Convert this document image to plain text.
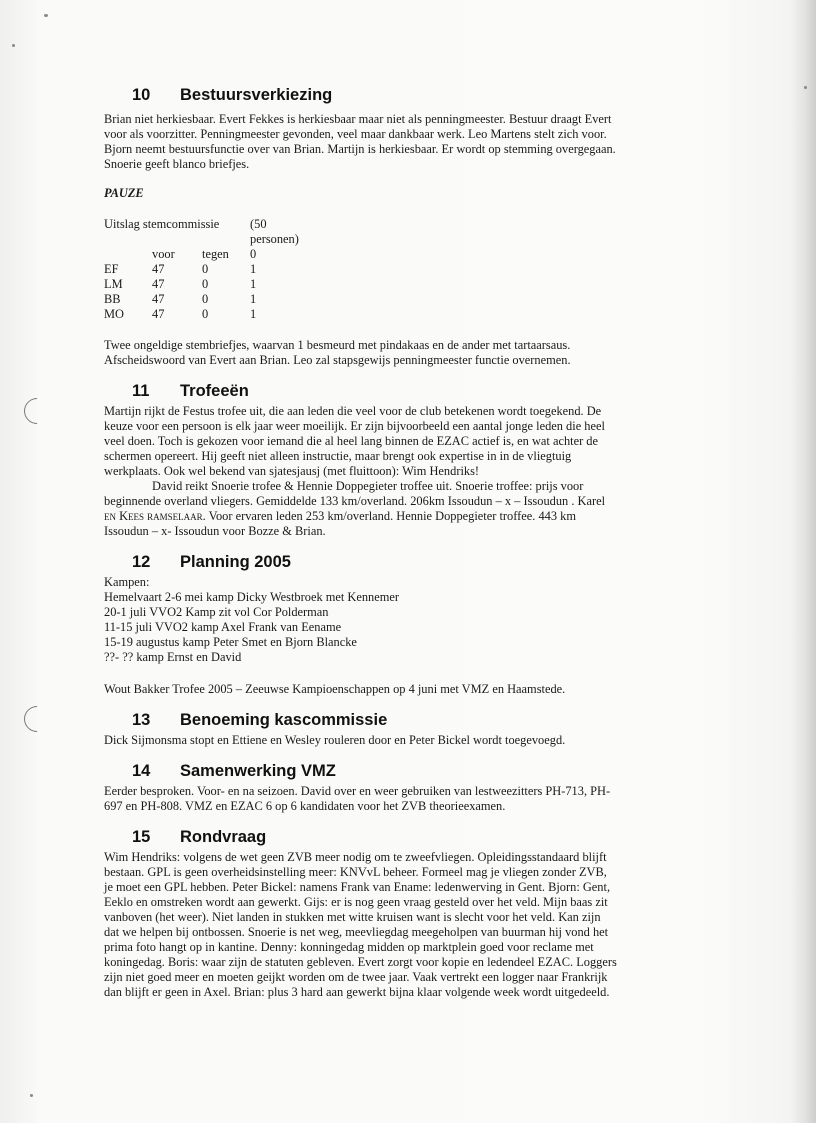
10 Bestuursverkiezing

Brian niet herkiesbaar. Evert Fekkes is herkiesbaar maar niet als penningmeester. Bestuur draagt Evert

voor als voorzitter. Penningmeester gevonden, veel maar dankbaar werk. Leo Martens stelt zich voor.

Bjorn neemt bestuursfunctie over van Brian. Martijn is herkiesbaar. Er wordt op stemming overgegaan.

Snoerie geeft blanco briefjes.

PAUZE

Uitslag stemcommissie			(50 personen)
	voor	tegen	0
EF	47	0	1
LM	47	0	1
BB	47	0	1
MO	47	0	1

Twee ongeldige stembriefjes, waarvan 1 besmeurd met pindakaas en de ander met tartaarsaus.

Afscheidswoord van Evert aan Brian. Leo zal stapsgewijs penningmeester functie overnemen.

11 Trofeeën

Martijn rijkt de Festus trofee uit, die aan leden die veel voor de club betekenen wordt toegekend. De

keuze voor een persoon is elk jaar weer moeilijk. Er zijn bijvoorbeeld een aantal jonge leden die heel

veel doen. Toch is gekozen voor iemand die al heel lang binnen de EZAC actief is, en wat achter de

schermen opereert. Hij geeft niet alleen instructie, maar brengt ook expertise in in de vliegtuig

werkplaats. Ook wel bekend van sjatesjausj (met fluittoon): Wim Hendriks!

David reikt Snoerie trofee & Hennie Doppegieter troffee uit. Snoerie troffee: prijs voor

beginnende overland vliegers. Gemiddelde 133 km/overland. 206km Issoudun – x – Issoudun . Karel

en Kees ramselaar. Voor ervaren leden 253 km/overland. Hennie Doppegieter troffee. 443 km

Issoudun – x- Issoudun voor Bozze & Brian.

12 Planning 2005

Kampen:

Hemelvaart 2-6 mei kamp Dicky Westbroek met Kennemer

20-1 juli VVO2 Kamp zit vol Cor Polderman

11-15 juli VVO2 kamp Axel Frank van Eename

15-19 augustus kamp Peter Smet en Bjorn Blancke

??- ?? kamp Ernst en David

Wout Bakker Trofee 2005 – Zeeuwse Kampioenschappen op 4 juni met VMZ en Haamstede.

13 Benoeming kascommissie

Dick Sijmonsma stopt en Ettiene en Wesley rouleren door en Peter Bickel wordt toegevoegd.

14 Samenwerking VMZ

Eerder besproken. Voor- en na seizoen. David over en weer gebruiken van lestweezitters PH-713, PH-

697 en PH-808. VMZ en EZAC 6 op 6 kandidaten voor het ZVB theorieexamen.

15 Rondvraag

Wim Hendriks: volgens de wet geen ZVB meer nodig om te zweefvliegen. Opleidingsstandaard blijft

bestaan. GPL is geen overheidsinstelling meer: KNVvL beheer. Formeel mag je vliegen zonder ZVB,

je moet een GPL hebben. Peter Bickel: namens Frank van Ename: ledenwerving in Gent. Bjorn: Gent,

Eeklo en omstreken wordt aan gewerkt. Gijs: er is nog geen vraag gesteld over het veld. Mijn baas zit

vanboven (het weer). Niet landen in stukken met witte kruisen want is slecht voor het veld. Kan zijn

dat we helpen bij ontbossen. Snoerie is net weg, meevliegdag meegeholpen van buurman hij vond het

prima foto hangt op in kantine. Denny: konningedag midden op marktplein goed voor reclame met

koningedag. Boris: waar zijn de statuten gebleven. Evert zorgt voor kopie en ledendeel EZAC. Loggers

zijn niet goed meer en moeten geijkt worden om de twee jaar. Vaak vertrekt een logger naar Frankrijk

dan blijft er geen in Axel. Brian: plus 3 hard aan gewerkt bijna klaar volgende week wordt uitgedeeld.
